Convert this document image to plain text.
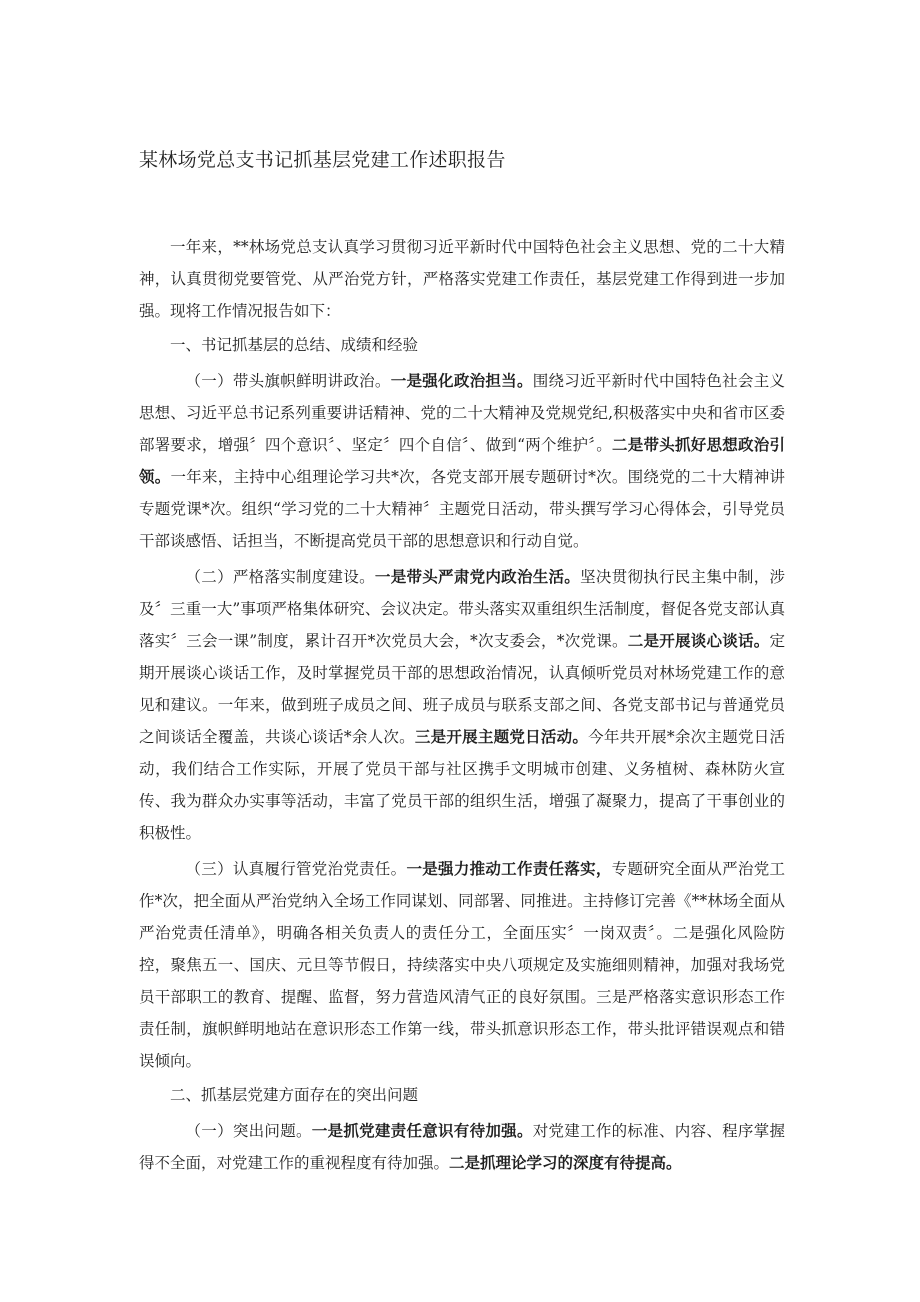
某林场党总支书记抓基层党建工作述职报告

一年来，**林场党总支认真学习贯彻习近平新时代中国特色社会主义思想、党的二十大精神，认真贯彻党要管党、从严治党方针，严格落实党建工作责任，基层党建工作得到进一步加强。现将工作情况报告如下：

一、书记抓基层的总结、成绩和经验

（一）带头旗帜鲜明讲政治。一是强化政治担当。围绕习近平新时代中国特色社会主义思想、习近平总书记系列重要讲话精神、党的二十大精神及党规党纪,积极落实中央和省市区委部署要求，增强〞四个意识〞、坚定〞四个自信〞、做到“两个维护〞。二是带头抓好思想政治引领。一年来，主持中心组理论学习共*次，各党支部开展专题研讨*次。围绕党的二十大精神讲专题党课*次。组织“学习党的二十大精神〞主题党日活动，带头撰写学习心得体会，引导党员干部谈感悟、话担当，不断提高党员干部的思想意识和行动自觉。

（二）严格落实制度建设。一是带头严肃党内政治生活。坚决贯彻执行民主集中制，涉及〞三重一大”事项严格集体研究、会议决定。带头落实双重组织生活制度，督促各党支部认真落实〞三会一课”制度，累计召开*次党员大会，*次支委会，*次党课。二是开展谈心谈话。定期开展谈心谈话工作，及时掌握党员干部的思想政治情况，认真倾听党员对林场党建工作的意见和建议。一年来，做到班子成员之间、班子成员与联系支部之间、各党支部书记与普通党员之间谈话全覆盖，共谈心谈话*余人次。三是开展主题党日活动。今年共开展*余次主题党日活动，我们结合工作实际，开展了党员干部与社区携手文明城市创建、义务植树、森林防火宣传、我为群众办实事等活动，丰富了党员干部的组织生活，增强了凝聚力，提高了干事创业的积极性。

（三）认真履行管党治党责任。一是强力推动工作责任落实，专题研究全面从严治党工作*次，把全面从严治党纳入全场工作同谋划、同部署、同推进。主持修订完善《**林场全面从严治党责任清单》，明确各相关负责人的责任分工，全面压实〞一岗双责〞。二是强化风险防控，聚焦五一、国庆、元旦等节假日，持续落实中央八项规定及实施细则精神，加强对我场党员干部职工的教育、提醒、监督，努力营造风清气正的良好氛围。三是严格落实意识形态工作责任制，旗帜鲜明地站在意识形态工作第一线，带头抓意识形态工作，带头批评错误观点和错误倾向。

二、抓基层党建方面存在的突出问题

（一）突出问题。一是抓党建责任意识有待加强。对党建工作的标准、内容、程序掌握得不全面，对党建工作的重视程度有待加强。二是抓理论学习的深度有待提高。
